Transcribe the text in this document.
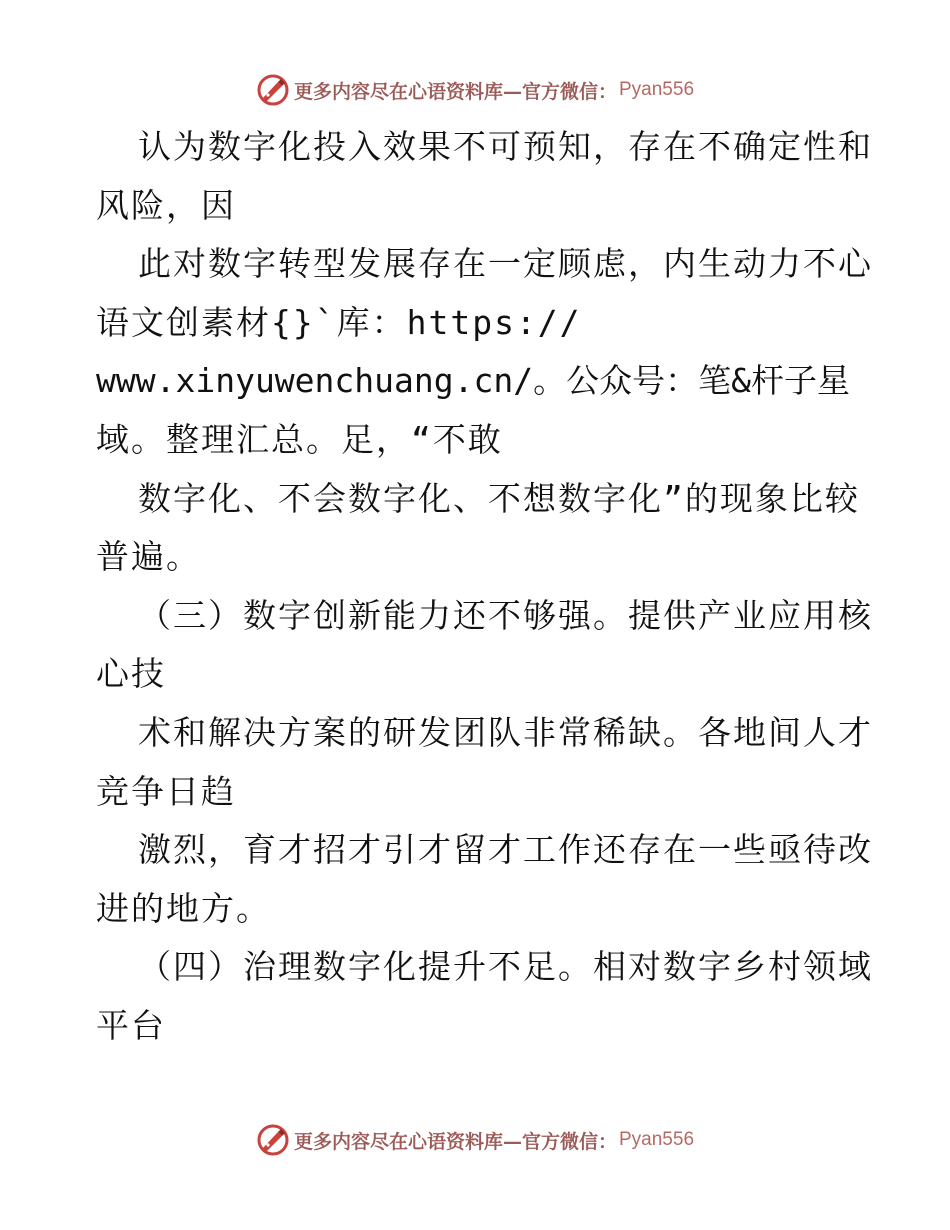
更多内容尽在心语资料库—官方微信： Pyan556
认为数字化投入效果不可预知，存在不确定性和
风险，因
此对数字转型发展存在一定顾虑，内生动力不心
语文创素材{}`库：https://
www.xinyuwenchuang.cn/。公众号：笔&杆子星
域。整理汇总。足，“不敢
数字化、不会数字化、不想数字化”的现象比较
普遍。
（三）数字创新能力还不够强。提供产业应用核
心技
术和解决方案的研发团队非常稀缺。各地间人才
竞争日趋
激烈，育才招才引才留才工作还存在一些亟待改
进的地方。
（四）治理数字化提升不足。相对数字乡村领域
平台
更多内容尽在心语资料库—官方微信： Pyan556
